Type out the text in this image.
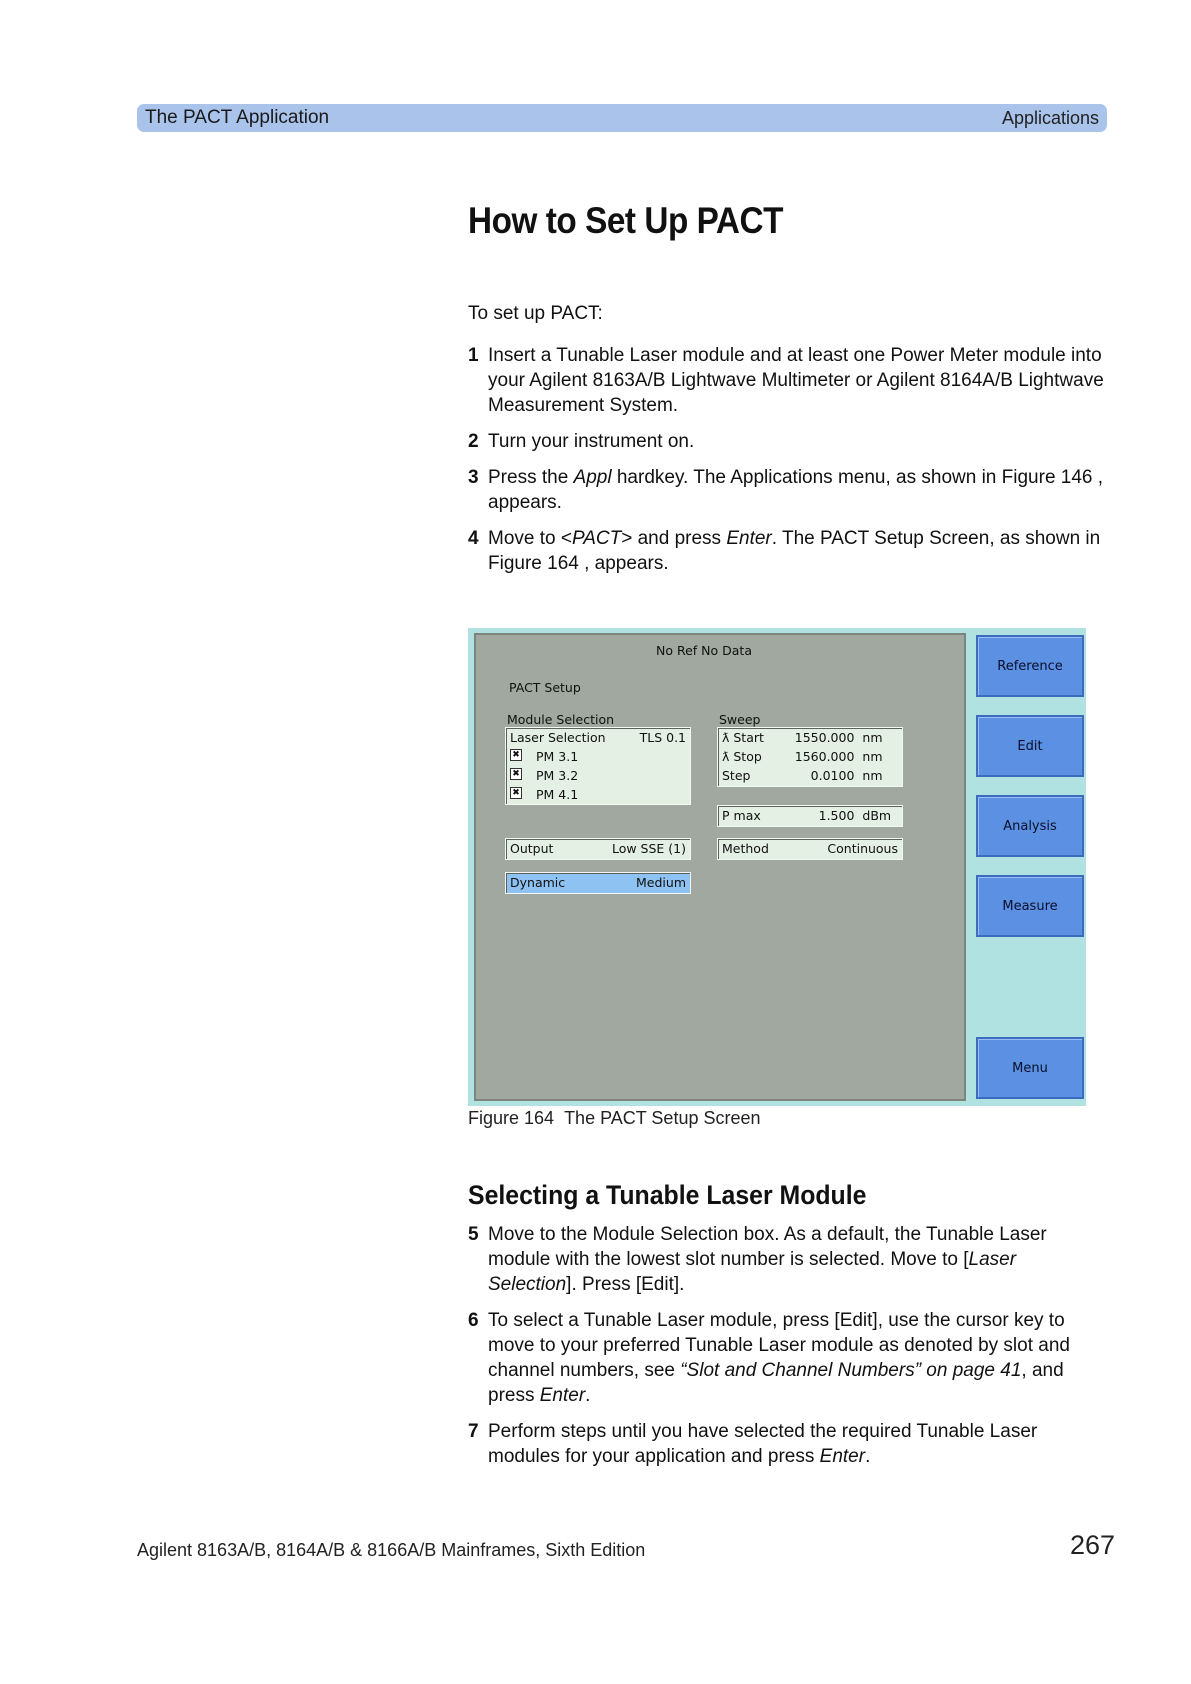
The PACT Application	Applications
How to Set Up PACT

To set up PACT:

1 Insert a Tunable Laser module and at least one Power Meter module into your Agilent 8163A/B Lightwave Multimeter or Agilent 8164A/B Lightwave Measurement System.
2 Turn your instrument on.
3 Press the Appl hardkey. The Applications menu, as shown in Figure 146 , appears.
4 Move to <PACT> and press Enter. The PACT Setup Screen, as shown in Figure 164 , appears.
No Ref No Data
PACT Setup
Module Selection
Laser Selection	TLS 0.1
✖ PM 3.1
✖ PM 3.2
✖ PM 4.1
Sweep
ƛ Start	1550.000 nm
ƛ Stop	1560.000 nm
Step	0.0100 nm
P max	1.500 dBm
Output	Low SSE (1)	Method	Continuous
Dynamic	Medium
Reference
Edit
Analysis
Measure
Menu
Figure 164 The PACT Setup Screen
Selecting a Tunable Laser Module
5 Move to the Module Selection box. As a default, the Tunable Laser module with the lowest slot number is selected. Move to [Laser Selection]. Press [Edit].
6 To select a Tunable Laser module, press [Edit], use the cursor key to move to your preferred Tunable Laser module as denoted by slot and channel numbers, see “Slot and Channel Numbers” on page 41, and press Enter.
7 Perform steps until you have selected the required Tunable Laser modules for your application and press Enter.
Agilent 8163A/B, 8164A/B & 8166A/B Mainframes, Sixth Edition	267
